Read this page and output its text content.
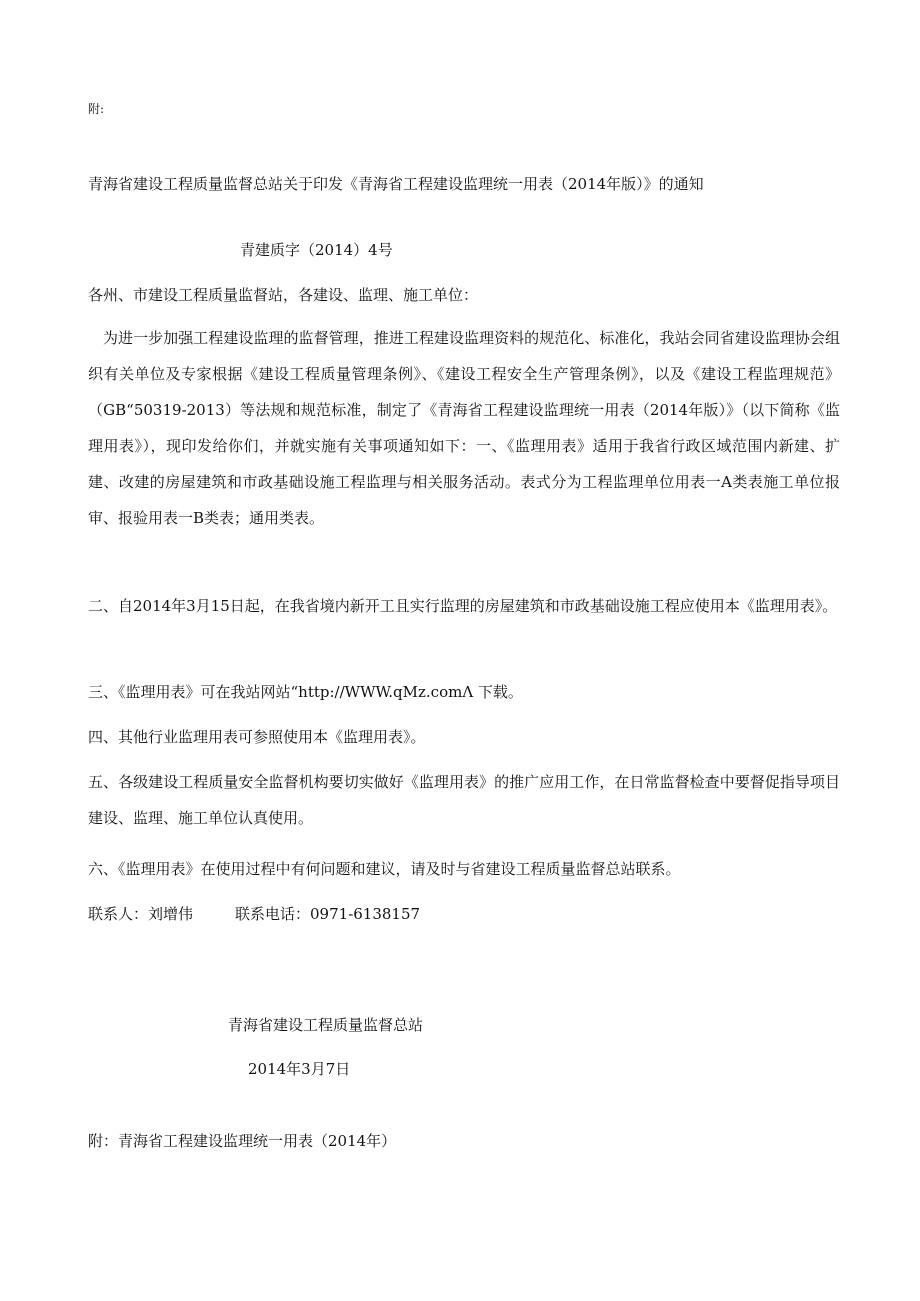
附:
青海省建设工程质量监督总站关于印发《青海省工程建设监理统一用表（2014年版）》的通知
青建质字（2014）4号
各州、市建设工程质量监督站，各建设、监理、施工单位：
为进一步加强工程建设监理的监督管理，推进工程建设监理资料的规范化、标准化，我站会同省建设监理协会组织有关单位及专家根据《建设工程质量管理条例》、《建设工程安全生产管理条例》，以及《建设工程监理规范》（GB“50319-2013）等法规和规范标准，制定了《青海省工程建设监理统一用表（2014年版）》（以下简称《监理用表》），现印发给你们，并就实施有关事项通知如下：一、《监理用表》适用于我省行政区域范围内新建、扩建、改建的房屋建筑和市政基础设施工程监理与相关服务活动。表式分为工程监理单位用表一A类表施工单位报审、报验用表一B类表；通用类表。
二、自2014年3月15日起，在我省境内新开工且实行监理的房屋建筑和市政基础设施工程应使用本《监理用表》。
三、《监理用表》可在我站网站“http://WWW.qMz.comΛ 下载。
四、其他行业监理用表可参照使用本《监理用表》。
五、各级建设工程质量安全监督机构要切实做好《监理用表》的推广应用工作，在日常监督检查中要督促指导项目建设、监理、施工单位认真使用。
六、《监理用表》在使用过程中有何问题和建议，请及时与省建设工程质量监督总站联系。
联系人：刘增伟	联系电话：0971-6138157
青海省建设工程质量监督总站
2014年3月7日
附：青海省工程建设监理统一用表（2014年）
